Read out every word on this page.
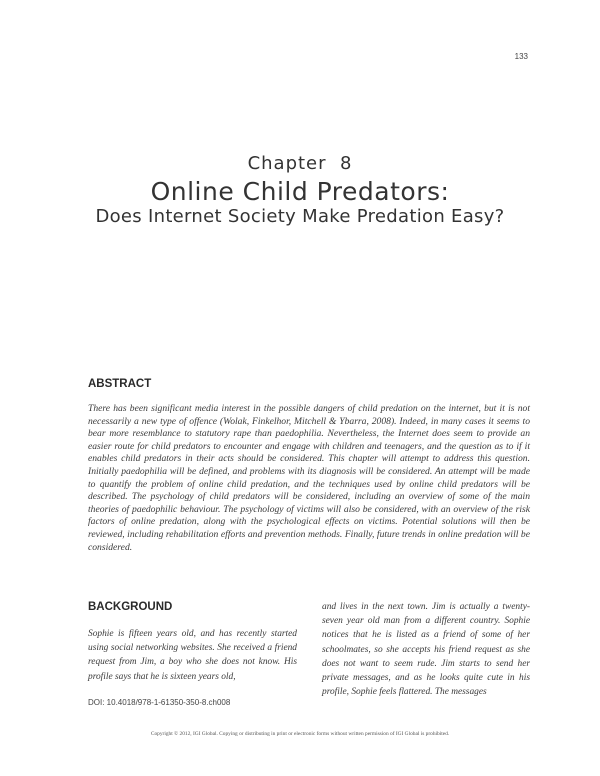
133
Chapter  8
Online Child Predators:
Does Internet Society Make Predation Easy?
ABSTRACT
There has been significant media interest in the possible dangers of child predation on the internet, but it is not necessarily a new type of offence (Wolak, Finkelhor, Mitchell & Ybarra, 2008). Indeed, in many cases it seems to bear more resemblance to statutory rape than paedophilia. Nevertheless, the Internet does seem to provide an easier route for child predators to encounter and engage with children and teenagers, and the question as to if it enables child predators in their acts should be considered. This chapter will attempt to address this question. Initially paedophilia will be defined, and problems with its diagnosis will be considered. An attempt will be made to quantify the problem of online child predation, and the techniques used by online child predators will be described. The psychology of child predators will be considered, including an overview of some of the main theories of paedophilic behaviour. The psychology of victims will also be considered, with an overview of the risk factors of online predation, along with the psychological effects on victims. Potential solutions will then be reviewed, including rehabilitation efforts and prevention methods. Finally, future trends in online predation will be considered.
BACKGROUND
Sophie is fifteen years old, and has recently started using social networking websites. She received a friend request from Jim, a boy who she does not know. His profile says that he is sixteen years old,
and lives in the next town. Jim is actually a twenty-seven year old man from a different country. Sophie notices that he is listed as a friend of some of her schoolmates, so she accepts his friend request as she does not want to seem rude. Jim starts to send her private messages, and as he looks quite cute in his profile, Sophie feels flattered. The messages
DOI: 10.4018/978-1-61350-350-8.ch008
Copyright © 2012, IGI Global. Copying or distributing in print or electronic forms without written permission of IGI Global is prohibited.
